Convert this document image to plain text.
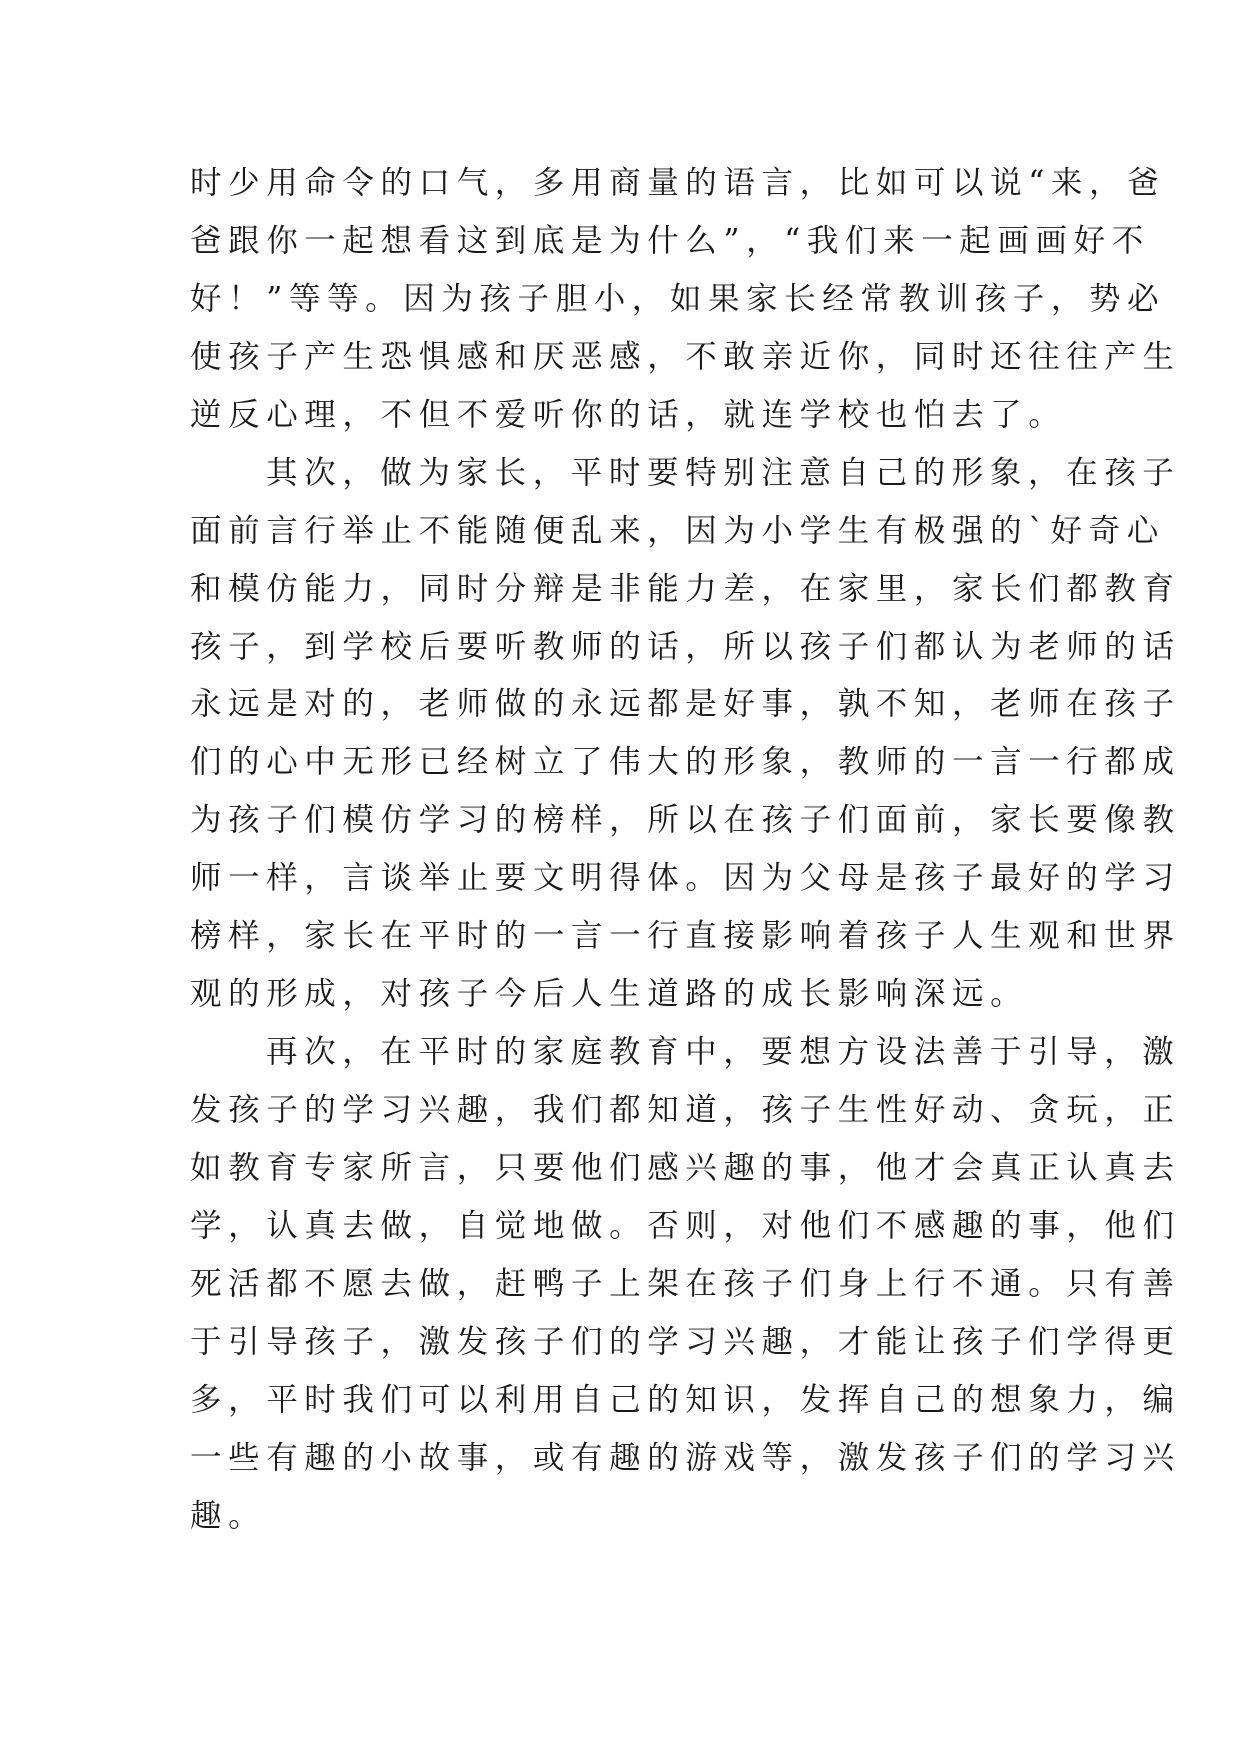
时少用命令的口气，多用商量的语言，比如可以说“来，爸
爸跟你一起想看这到底是为什么”，“我们来一起画画好不
好！”等等。因为孩子胆小，如果家长经常教训孩子，势必
使孩子产生恐惧感和厌恶感，不敢亲近你，同时还往往产生
逆反心理，不但不爱听你的话，就连学校也怕去了。
其次，做为家长，平时要特别注意自己的形象，在孩子
面前言行举止不能随便乱来，因为小学生有极强的`好奇心
和模仿能力，同时分辩是非能力差，在家里，家长们都教育
孩子，到学校后要听教师的话，所以孩子们都认为老师的话
永远是对的，老师做的永远都是好事，孰不知，老师在孩子
们的心中无形已经树立了伟大的形象，教师的一言一行都成
为孩子们模仿学习的榜样，所以在孩子们面前，家长要像教
师一样，言谈举止要文明得体。因为父母是孩子最好的学习
榜样，家长在平时的一言一行直接影响着孩子人生观和世界
观的形成，对孩子今后人生道路的成长影响深远。
再次，在平时的家庭教育中，要想方设法善于引导，激
发孩子的学习兴趣，我们都知道，孩子生性好动、贪玩，正
如教育专家所言，只要他们感兴趣的事，他才会真正认真去
学，认真去做，自觉地做。否则，对他们不感趣的事，他们
死活都不愿去做，赶鸭子上架在孩子们身上行不通。只有善
于引导孩子，激发孩子们的学习兴趣，才能让孩子们学得更
多，平时我们可以利用自己的知识，发挥自己的想象力，编
一些有趣的小故事，或有趣的游戏等，激发孩子们的学习兴
趣。
